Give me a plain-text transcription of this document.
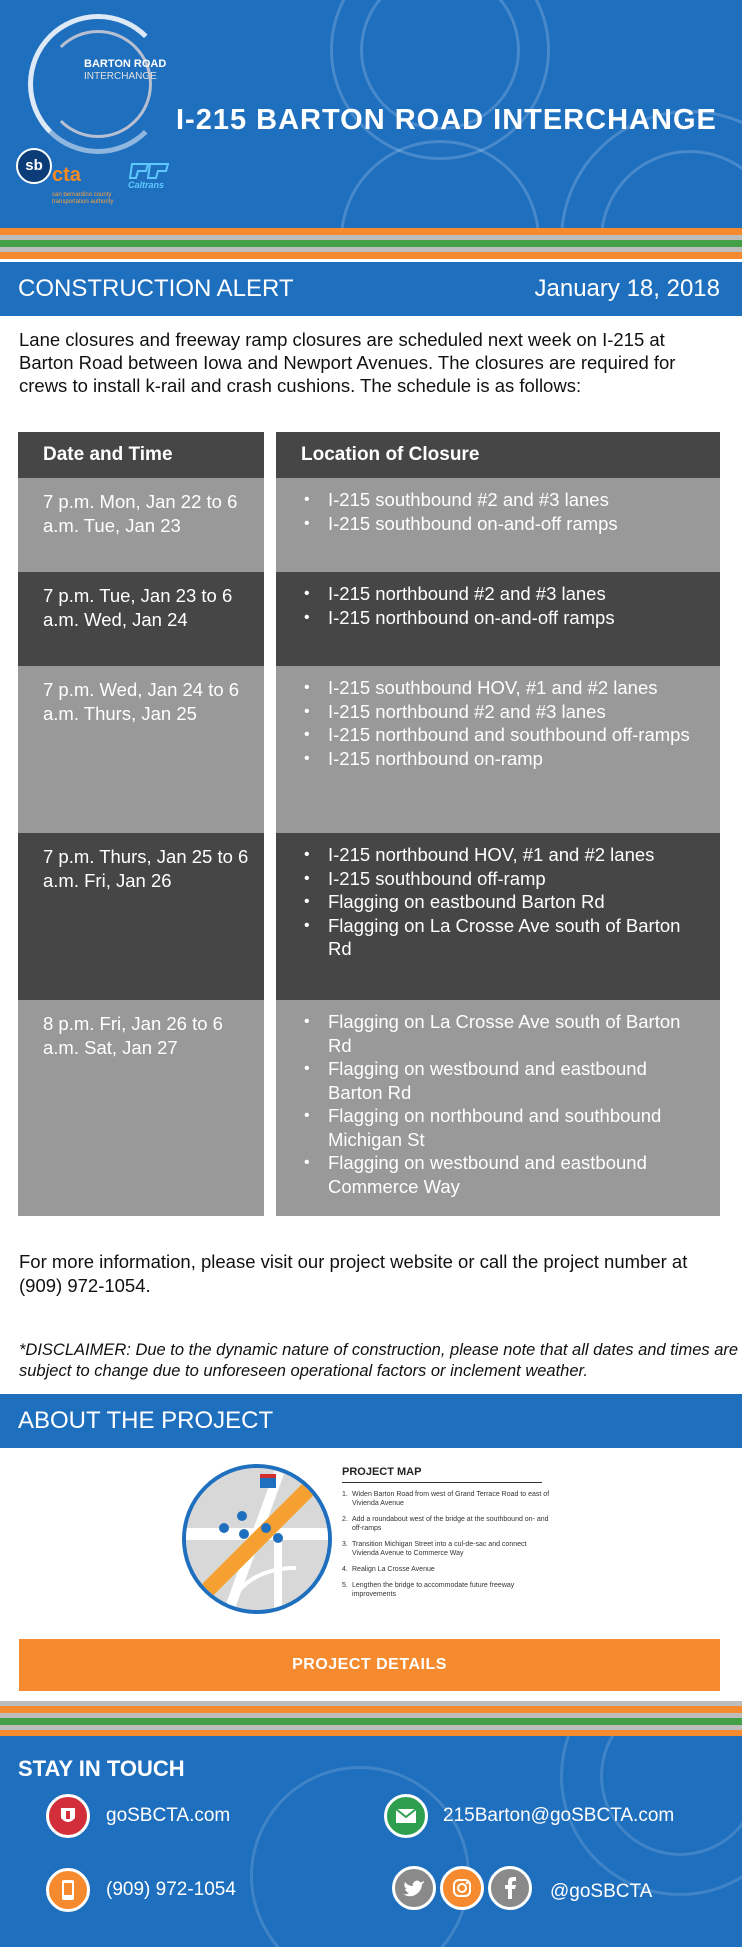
BARTON ROAD
INTERCHANGE
I-215 BARTON ROAD INTERCHANGE
sb cta
san bernardino county transportation authority
Caltrans
CONSTRUCTION ALERT	January 18, 2018
Lane closures and freeway ramp closures are scheduled next week on I-215 at Barton Road between Iowa and Newport Avenues. The closures are required for crews to install k-rail and crash cushions. The schedule is as follows:
Date and Time	Location of Closure
7 p.m. Mon, Jan 22 to 6 a.m. Tue, Jan 23
• I-215 southbound #2 and #3 lanes
• I-215 southbound on-and-off ramps
7 p.m. Tue, Jan 23 to 6 a.m. Wed, Jan 24
• I-215 northbound #2 and #3 lanes
• I-215 northbound on-and-off ramps
7 p.m. Wed, Jan 24 to 6 a.m. Thurs, Jan 25
• I-215 southbound HOV, #1 and #2 lanes
• I-215 northbound #2 and #3 lanes
• I-215 northbound and southbound off-ramps
• I-215 northbound on-ramp
7 p.m. Thurs, Jan 25 to 6 a.m. Fri, Jan 26
• I-215 northbound HOV, #1 and #2 lanes
• I-215 southbound off-ramp
• Flagging on eastbound Barton Rd
• Flagging on La Crosse Ave south of Barton Rd
8 p.m. Fri, Jan 26 to 6 a.m. Sat, Jan 27
• Flagging on La Crosse Ave south of Barton Rd
• Flagging on westbound and eastbound Barton Rd
• Flagging on northbound and southbound Michigan St
• Flagging on westbound and eastbound Commerce Way
For more information, please visit our project website or call the project number at (909) 972-1054.
*DISCLAIMER: Due to the dynamic nature of construction, please note that all dates and times are subject to change due to unforeseen operational factors or inclement weather.
ABOUT THE PROJECT
PROJECT MAP
1. Widen Barton Road from west of Grand Terrace Road to east of Vivienda Avenue
2. Add a roundabout west of the bridge at the southbound on- and off-ramps
3. Transition Michigan Street into a cul-de-sac and connect Vivienda Avenue to Commerce Way
4. Realign La Crosse Avenue
5. Lengthen the bridge to accommodate future freeway improvements
PROJECT DETAILS
STAY IN TOUCH
goSBCTA.com	215Barton@goSBCTA.com
(909) 972-1054	@goSBCTA
